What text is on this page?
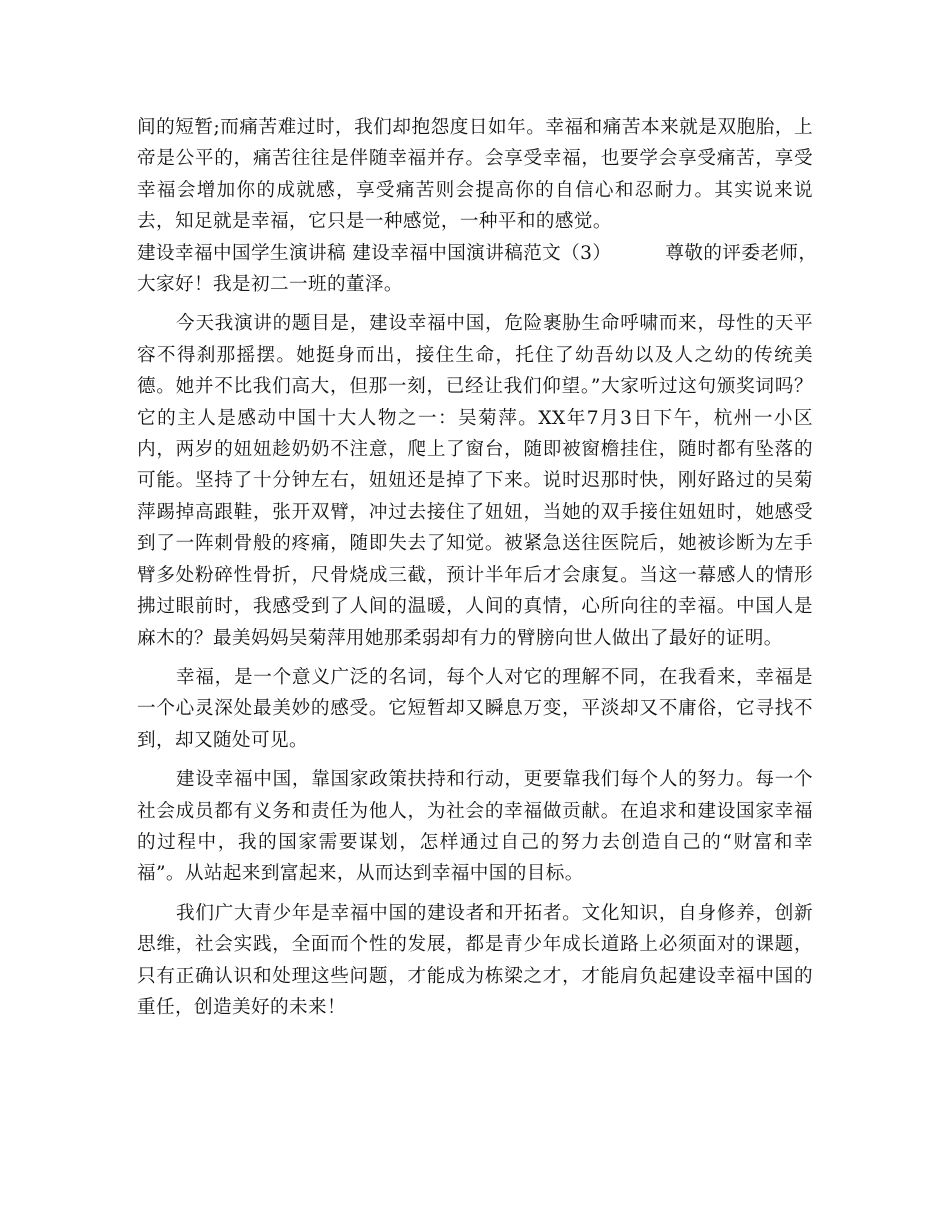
间的短暂;而痛苦难过时，我们却抱怨度日如年。幸福和痛苦本来就是双胞胎，上帝是公平的，痛苦往往是伴随幸福并存。会享受幸福，也要学会享受痛苦，享受幸福会增加你的成就感，享受痛苦则会提高你的自信心和忍耐力。其实说来说去，知足就是幸福，它只是一种感觉，一种平和的感觉。

建设幸福中国学生演讲稿 建设幸福中国演讲稿范文（3）	尊敬的评委老师，
大家好！我是初二一班的董泽。

今天我演讲的题目是，建设幸福中国，危险裹胁生命呼啸而来，母性的天平容不得刹那摇摆。她挺身而出，接住生命，托住了幼吾幼以及人之幼的传统美德。她并不比我们高大，但那一刻，已经让我们仰望。”大家听过这句颁奖词吗？它的主人是感动中国十大人物之一：吴菊萍。XX年7月3日下午，杭州一小区内，两岁的妞妞趁奶奶不注意，爬上了窗台，随即被窗檐挂住，随时都有坠落的可能。坚持了十分钟左右，妞妞还是掉了下来。说时迟那时快，刚好路过的吴菊萍踢掉高跟鞋，张开双臂，冲过去接住了妞妞，当她的双手接住妞妞时，她感受到了一阵刺骨般的疼痛，随即失去了知觉。被紧急送往医院后，她被诊断为左手臂多处粉碎性骨折，尺骨烧成三截，预计半年后才会康复。当这一幕感人的情形拂过眼前时，我感受到了人间的温暖，人间的真情，心所向往的幸福。中国人是麻木的？最美妈妈吴菊萍用她那柔弱却有力的臂膀向世人做出了最好的证明。

幸福，是一个意义广泛的名词，每个人对它的理解不同，在我看来，幸福是一个心灵深处最美妙的感受。它短暂却又瞬息万变，平淡却又不庸俗，它寻找不到，却又随处可见。

建设幸福中国，靠国家政策扶持和行动，更要靠我们每个人的努力。每一个社会成员都有义务和责任为他人，为社会的幸福做贡献。在追求和建设国家幸福的过程中，我的国家需要谋划，怎样通过自己的努力去创造自己的“财富和幸福”。从站起来到富起来，从而达到幸福中国的目标。

我们广大青少年是幸福中国的建设者和开拓者。文化知识，自身修养，创新思维，社会实践，全面而个性的发展，都是青少年成长道路上必须面对的课题，只有正确认识和处理这些问题，才能成为栋梁之才，才能肩负起建设幸福中国的重任，创造美好的未来！
